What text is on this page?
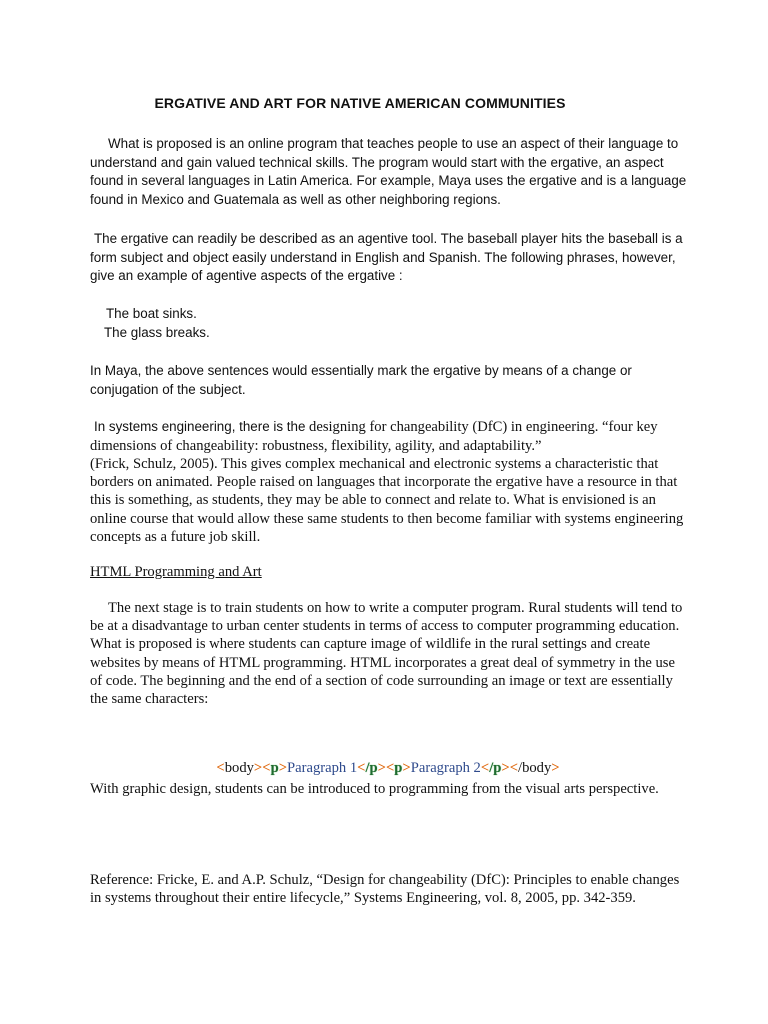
ERGATIVE AND ART FOR NATIVE AMERICAN COMMUNITIES

What is proposed is an online program that teaches people to use an aspect of their language to understand and gain valued technical skills. The program would start with the ergative, an aspect found in several languages in Latin America. For example, Maya uses the ergative and is a language found in Mexico and Guatemala as well as other neighboring regions.

The ergative can readily be described as an agentive tool. The baseball player hits the baseball is a form subject and object easily understand in English and Spanish. The following phrases, however, give an example of agentive aspects of the ergative :

The boat sinks.

The glass breaks.

In Maya, the above sentences would essentially mark the ergative by means of a change or conjugation of the subject.

In systems engineering, there is the designing for changeability (DfC) in engineering. “four key dimensions of changeability: robustness, flexibility, agility, and adaptability.”

(Frick, Schulz, 2005). This gives complex mechanical and electronic systems a characteristic that borders on animated. People raised on languages that incorporate the ergative have a resource in that this is something, as students, they may be able to connect and relate to. What is envisioned is an online course that would allow these same students to then become familiar with systems engineering concepts as a future job skill.

HTML Programming and Art

The next stage is to train students on how to write a computer program. Rural students will tend to be at a disadvantage to urban center students in terms of access to computer programming education. What is proposed is where students can capture image of wildlife in the rural settings and create websites by means of HTML programming. HTML incorporates a great deal of symmetry in the use of code. The beginning and the end of a section of code surrounding an image or text are essentially the same characters:

<body><p>Paragraph 1</p><p>Paragraph 2</p></body>

With graphic design, students can be introduced to programming from the visual arts perspective.

Reference: Fricke, E. and A.P. Schulz, “Design for changeability (DfC): Principles to enable changes in systems throughout their entire lifecycle,” Systems Engineering, vol. 8, 2005, pp. 342-359.
